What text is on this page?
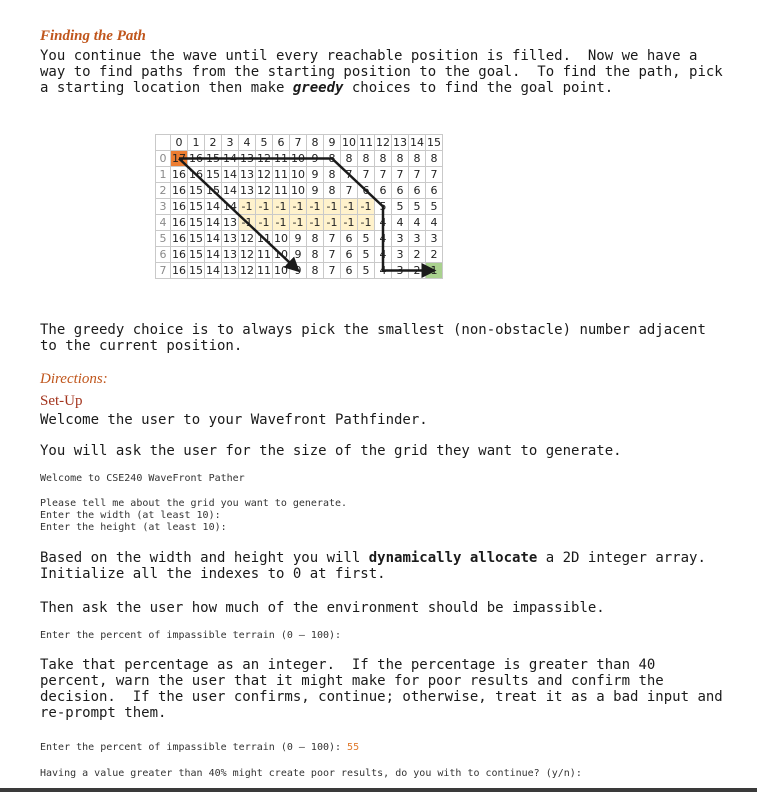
Finding the Path

You continue the wave until every reachable position is filled.  Now we have a
way to find paths from the starting position to the goal.  To find the path, pick
a starting location then make greedy choices to find the goal point.

	0	1	2	3	4	5	6	7	8	9	10	11	12	13	14	15
0	17	16	15	14	13	12	11	10	9	8	8	8	8	8	8	8
1	16	16	15	14	13	12	11	10	9	8	7	7	7	7	7	7
2	16	15	15	14	13	12	11	10	9	8	7	6	6	6	6	6
3	16	15	14	14	-1	-1	-1	-1	-1	-1	-1	-1	5	5	5	5
4	16	15	14	13	-1	-1	-1	-1	-1	-1	-1	-1	4	4	4	4
5	16	15	14	13	12	11	10	9	8	7	6	5	4	3	3	3
6	16	15	14	13	12	11	10	9	8	7	6	5	4	3	2	2
7	16	15	14	13	12	11	10	9	8	7	6	5	4	3	2	1

The greedy choice is to always pick the smallest (non-obstacle) number adjacent
to the current position.

Directions:
Set-Up

Welcome the user to your Wavefront Pathfinder.

You will ask the user for the size of the grid they want to generate.

Welcome to CSE240 WaveFront Pather

Please tell me about the grid you want to generate.
Enter the width (at least 10):
Enter the height (at least 10):

Based on the width and height you will dynamically allocate a 2D integer array.
Initialize all the indexes to 0 at first.

Then ask the user how much of the environment should be impassible.

Enter the percent of impassible terrain (0 – 100):

Take that percentage as an integer.  If the percentage is greater than 40
percent, warn the user that it might make for poor results and confirm the
decision.  If the user confirms, continue; otherwise, treat it as a bad input and
re-prompt them.

Enter the percent of impassible terrain (0 – 100): 55

Having a value greater than 40% might create poor results, do you with to continue? (y/n):
